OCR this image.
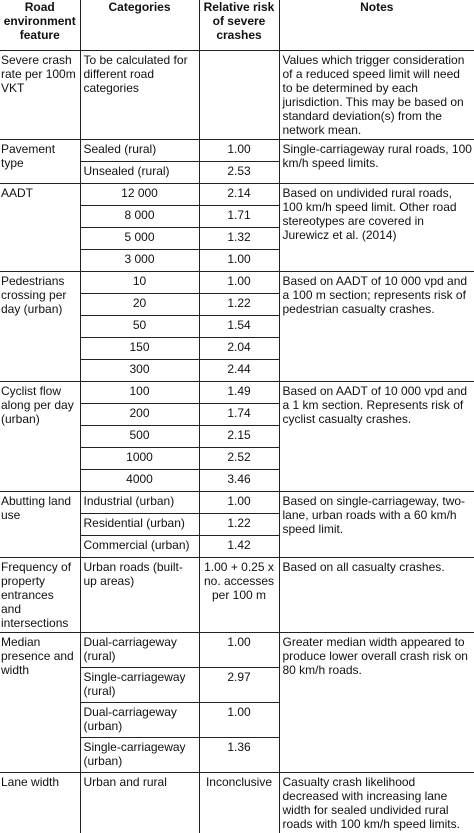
Road environment feature	Categories	Relative risk of severe crashes	Notes
Severe crash rate per 100m VKT	To be calculated for different road categories		Values which trigger consideration of a reduced speed limit will need to be determined by each jurisdiction. This may be based on standard deviation(s) from the network mean.
Pavement type	Sealed (rural)	1.00	Single-carriageway rural roads, 100 km/h speed limits.
	Unsealed (rural)	2.53	
AADT	12 000	2.14	Based on undivided rural roads, 100 km/h speed limit. Other road stereotypes are covered in Jurewicz et al. (2014)
	8 000	1.71	
	5 000	1.32	
	3 000	1.00	
Pedestrians crossing per day (urban)	10	1.00	Based on AADT of 10 000 vpd and a 100 m section; represents risk of pedestrian casualty crashes.
	20	1.22	
	50	1.54	
	150	2.04	
	300	2.44	
Cyclist flow along per day (urban)	100	1.49	Based on AADT of 10 000 vpd and a 1 km section. Represents risk of cyclist casualty crashes.
	200	1.74	
	500	2.15	
	1000	2.52	
	4000	3.46	
Abutting land use	Industrial (urban)	1.00	Based on single-carriageway, two-lane, urban roads with a 60 km/h speed limit.
	Residential (urban)	1.22	
	Commercial (urban)	1.42	
Frequency of property entrances and intersections	Urban roads (built-up areas)	1.00 + 0.25 x no. accesses per 100 m	Based on all casualty crashes.
Median presence and width	Dual-carriageway (rural)	1.00	Greater median width appeared to produce lower overall crash risk on 80 km/h roads.
	Single-carriageway (rural)	2.97	
	Dual-carriageway (urban)	1.00	
	Single-carriageway (urban)	1.36	
Lane width	Urban and rural	Inconclusive	Casualty crash likelihood decreased with increasing lane width for sealed undivided rural roads with 100 km/h speed limits.
